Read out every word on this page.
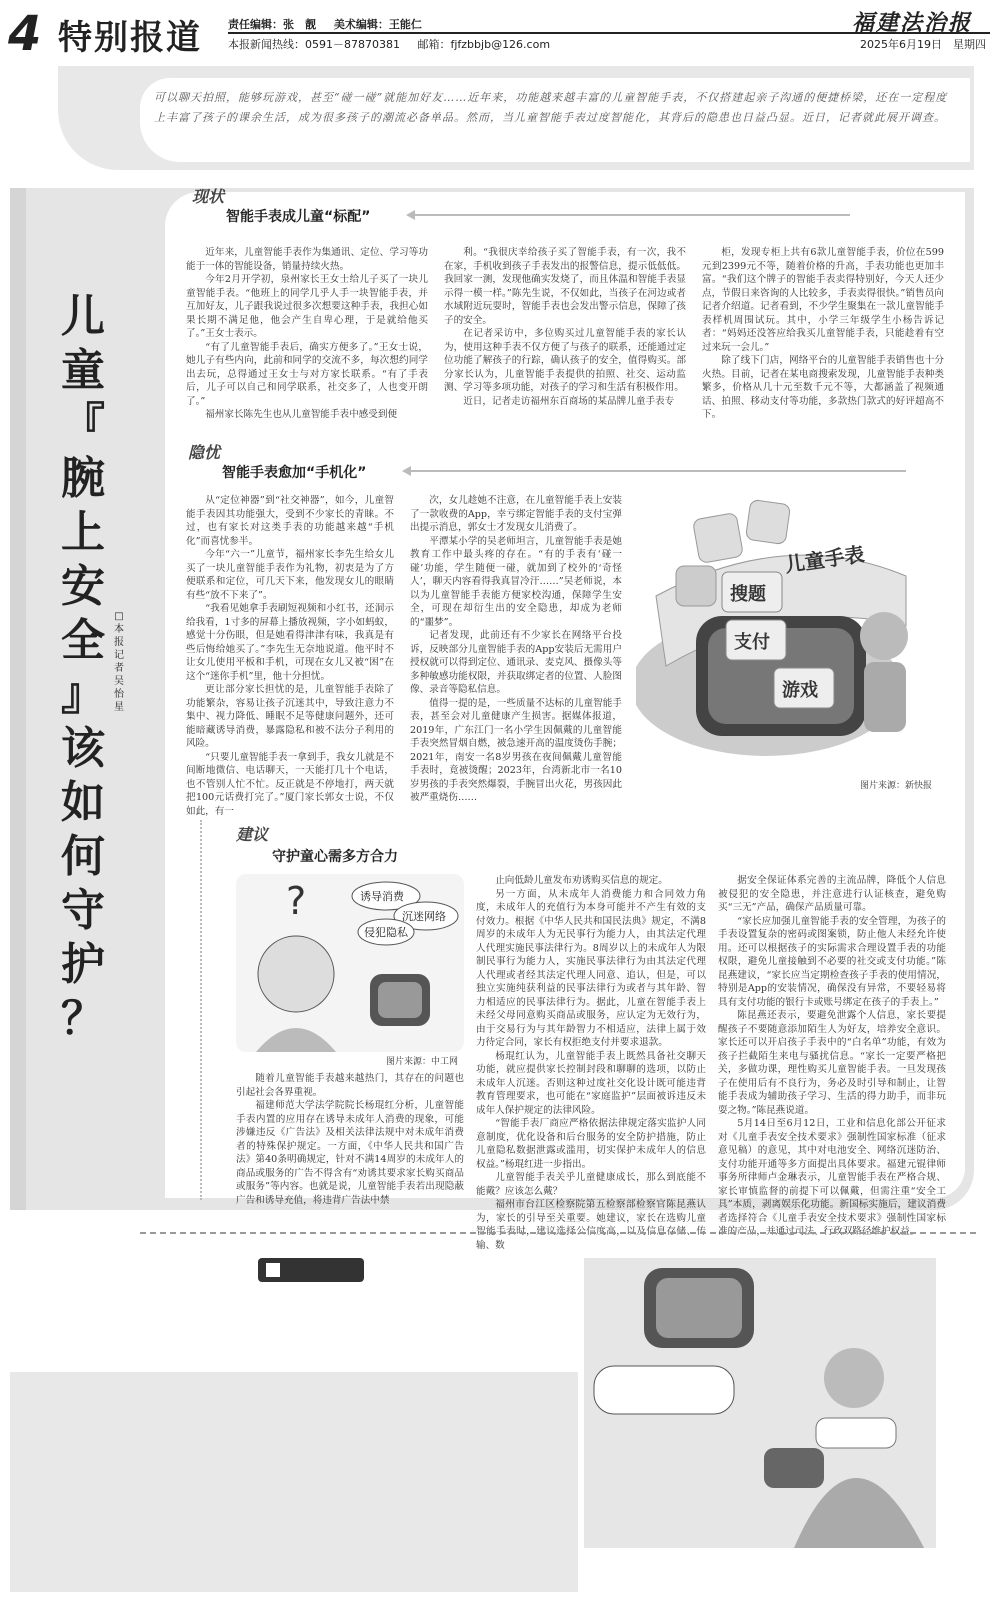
4 特别报道 责任编辑：张　靓 美术编辑：王能仁
本报新闻热线：0591－87870381 邮箱：fjfzbbjb@126.com
福建法治报
2025年6月19日　星期四
可以聊天拍照，能够玩游戏，甚至“碰一碰”就能加好友……近年来，功能越来越丰富的儿童智能手表，不仅搭建起亲子沟通的便捷桥梁，还在一定程度上丰富了孩子的课余生活，成为很多孩子的潮流必备单品。然而，当儿童智能手表过度智能化，其背后的隐患也日益凸显。近日，记者就此展开调查。
儿
童
『
腕
上
安
全
』
该
如
何
守
护
？
□本报记者 吴怡星
现状
智能手表成儿童“标配”

近年来，儿童智能手表作为集通讯、定位、学习等功能于一体的智能设备，销量持续火热。

今年2月开学初，泉州家长王女士给儿子买了一块儿童智能手表。“他班上的同学几乎人手一块智能手表，并互加好友，儿子跟我说过很多次想要这种手表，我担心如果长期不满足他，他会产生自卑心理，于是就给他买了。”王女士表示。

“有了儿童智能手表后，确实方便多了。”王女士说，她儿子有些内向，此前和同学的交流不多，每次想约同学出去玩，总得通过王女士与对方家长联系。“有了手表后，儿子可以自己和同学联系，社交多了，人也变开朗了。”

福州家长陈先生也从儿童智能手表中感受到便

利。“我很庆幸给孩子买了智能手表，有一次，我不在家，手机收到孩子手表发出的报警信息，提示低低低。我回家一测，发现他确实发烧了，而且体温和智能手表显示得一模一样。”陈先生说，不仅如此，当孩子在河边或者水域附近玩耍时，智能手表也会发出警示信息，保障了孩子的安全。

在记者采访中，多位购买过儿童智能手表的家长认为，使用这种手表不仅方便了与孩子的联系，还能通过定位功能了解孩子的行踪，确认孩子的安全，值得购买。部分家长认为，儿童智能手表提供的拍照、社交、运动监测、学习等多项功能，对孩子的学习和生活有积极作用。

近日，记者走访福州东百商场的某品牌儿童手表专

柜，发现专柜上共有6款儿童智能手表，价位在599元到2399元不等，随着价格的升高，手表功能也更加丰富。“我们这个牌子的智能手表卖得特别好，今天人还少点，节假日来咨询的人比较多，手表卖得很快。”销售员向记者介绍道。记者看到，不少学生聚集在一款儿童智能手表样机周围试玩。其中，小学三年级学生小杨告诉记者：“妈妈还没答应给我买儿童智能手表，只能趁着有空过来玩一会儿。”

除了线下门店，网络平台的儿童智能手表销售也十分火热。目前，记者在某电商搜索发现，儿童智能手表种类繁多，价格从几十元至数千元不等，大都涵盖了视频通话、拍照、移动支付等功能，多款热门款式的好评超高不下。

隐忧
智能手表愈加“手机化”

从“定位神器”到“社交神器”，如今，儿童智能手表因其功能强大，受到不少家长的青睐。不过，也有家长对这类手表的功能越来越“手机化”而喜忧参半。

今年“六一”儿童节，福州家长李先生给女儿买了一块儿童智能手表作为礼物，初衷是为了方便联系和定位，可几天下来，他发现女儿的眼睛有些“放不下来了”。

“我看见她拿手表刷短视频和小红书，还洞示给我看，1寸多的屏幕上播放视频，字小如蚂蚁，感觉十分伤眼，但是她看得津津有味，我真是有些后悔给她买了。”李先生无奈地说道。他平时不让女儿使用平板和手机，可现在女儿又被“困”在这个“迷你手机”里，他十分担忧。

更让部分家长担忧的是，儿童智能手表除了功能繁杂，容易让孩子沉迷其中，导致注意力不集中、视力降低、睡眠不足等健康问题外，还可能暗藏诱导消费，暴露隐私和被不法分子利用的风险。

“只要儿童智能手表一拿到手，我女儿就是不间断地微信、电话聊天，一天能打几十个电话，也不管别人忙不忙。反正就是不停地打，两天就把100元话费打完了。”厦门家长郭女士说，不仅如此，有一

次，女儿趁她不注意，在儿童智能手表上安装了一款收费的App，幸亏绑定智能手表的支付宝弹出提示消息，郭女士才发现女儿消费了。

平潭某小学的吴老师坦言，儿童智能手表是她教育工作中最头疼的存在。“有的手表有‘碰一碰’功能，学生随便一碰，就加到了校外的‘奇怪人’，聊天内容看得我真冒冷汗……”吴老师说，本以为儿童智能手表能方便家校沟通，保障学生安全，可现在却衍生出的安全隐患，却成为老师的“噩梦”。

记者发现，此前还有不少家长在网络平台投诉，反映部分儿童智能手表的App安装后无需用户授权就可以得到定位、通讯录、麦克风、摄像头等多种敏感功能权限，并获取绑定者的位置、人脸图像、录音等隐私信息。

值得一提的是，一些质量不达标的儿童智能手表，甚至会对儿童健康产生损害。据媒体报道，2019年，广东江门一名小学生因佩戴的儿童智能手表突然冒烟自燃，被急速开高的温度烫伤手腕；2021年，南安一名8岁男孩在夜间佩戴儿童智能手表时，竟被烫醒；2023年，台湾新北市一名10岁男孩的手表突然爆裂，手腕冒出火花，男孩因此被严重烧伤……

儿童手表
搜题
支付
游戏
图片来源：新快报
建议
守护童心需多方合力
?	诱导消费
沉迷网络
侵犯隐私
图片来源：中工网

随着儿童智能手表越来越热门，其存在的问题也引起社会各界重视。

福建师范大学法学院院长杨琨红分析，儿童智能手表内置的应用存在诱导未成年人消费的现象，可能涉嫌违反《广告法》及相关法律法规中对未成年消费者的特殊保护规定。一方面，《中华人民共和国广告法》第40条明确规定，针对不满14周岁的未成年人的商品或服务的广告不得含有“劝诱其要求家长购买商品或服务”等内容。也就是说，儿童智能手表若出现隐蔽广告和诱导充值，将违背广告法中禁

止向低龄儿童发布劝诱购买信息的规定。

另一方面，从未成年人消费能力和合同效力角度，未成年人的充值行为本身可能并不产生有效的支付效力。根据《中华人民共和国民法典》规定，不满8周岁的未成年人为无民事行为能力人，由其法定代理人代理实施民事法律行为。8周岁以上的未成年人为限制民事行为能力人，实施民事法律行为由其法定代理人代理或者经其法定代理人同意、追认，但是，可以独立实施纯获利益的民事法律行为或者与其年龄、智力相适应的民事法律行为。据此，儿童在智能手表上未经父母同意购买商品或服务，应认定为无效行为，由于交易行为与其年龄智力不相适应，法律上属于效力待定合同，家长有权拒绝支付并要求退款。

杨琨红认为，儿童智能手表上既然具备社交聊天功能，就应提供家长控制封段和聊聊的选项，以防止未成年人沉迷。否则这种过度社交化设计既可能违背教育管理要求，也可能在“家庭监护”层面被诉违反未成年人保护规定的法律风险。

“智能手表厂商应严格依据法律规定落实监护人同意制度，优化设备和后台服务的安全防护措施，防止儿童隐私数据泄露或滥用，切实保护未成年人的信息权益。”杨琨红进一步指出。

儿童智能手表关乎儿童健康成长，那么到底能不能戴？应该怎么戴？

福州市台江区检察院第五检察部检察官陈昆燕认为，家长的引导至关重要。她建议，家长在选购儿童智能手表时，建议选择公信度高，以及信息存储、传输、数

据安全保证体系完善的主流品牌，降低个人信息被侵犯的安全隐患，并注意进行认证核查，避免购买“三无”产品，确保产品质量可靠。

“家长应加强儿童智能手表的安全管理，为孩子的手表设置复杂的密码或图案锁，防止他人未经允许使用。还可以根据孩子的实际需求合理设置手表的功能权限，避免儿童接触到不必要的社交或支付功能。”陈昆燕建议，“家长应当定期检查孩子手表的使用情况，特别是App的安装情况，确保没有异常，不要轻易将具有支付功能的银行卡或账号绑定在孩子的手表上。”

陈昆燕还表示，要避免泄露个人信息，家长要提醒孩子不要随意添加陌生人为好友，培养安全意识。家长还可以开启孩子手表中的“白名单”功能，有效为孩子拦截陌生来电与骚扰信息。“家长一定要严格把关，多做功课，理性购买儿童智能手表。一旦发现孩子在使用后有不良行为，务必及时引导和制止，让智能手表成为辅助孩子学习、生活的得力助手，而非玩耍之物。”陈昆燕说道。

5月14日至6月12日，工业和信息化部公开征求对《儿童手表安全技术要求》强制性国家标准（征求意见稿）的意见，其中对电池安全、网络沉迷防治、支付功能开通等多方面提出具体要求。福建元锟律师事务所律师卢金琳表示，儿童智能手表在严格合规、家长审慎监督的前提下可以佩戴，但需注重“安全工具”本质，剥离娱乐化功能。新国标实施后，建议消费者选择符合《儿童手表安全技术要求》强制性国家标准的产品，并通过司法、行政双路径维护权益。
